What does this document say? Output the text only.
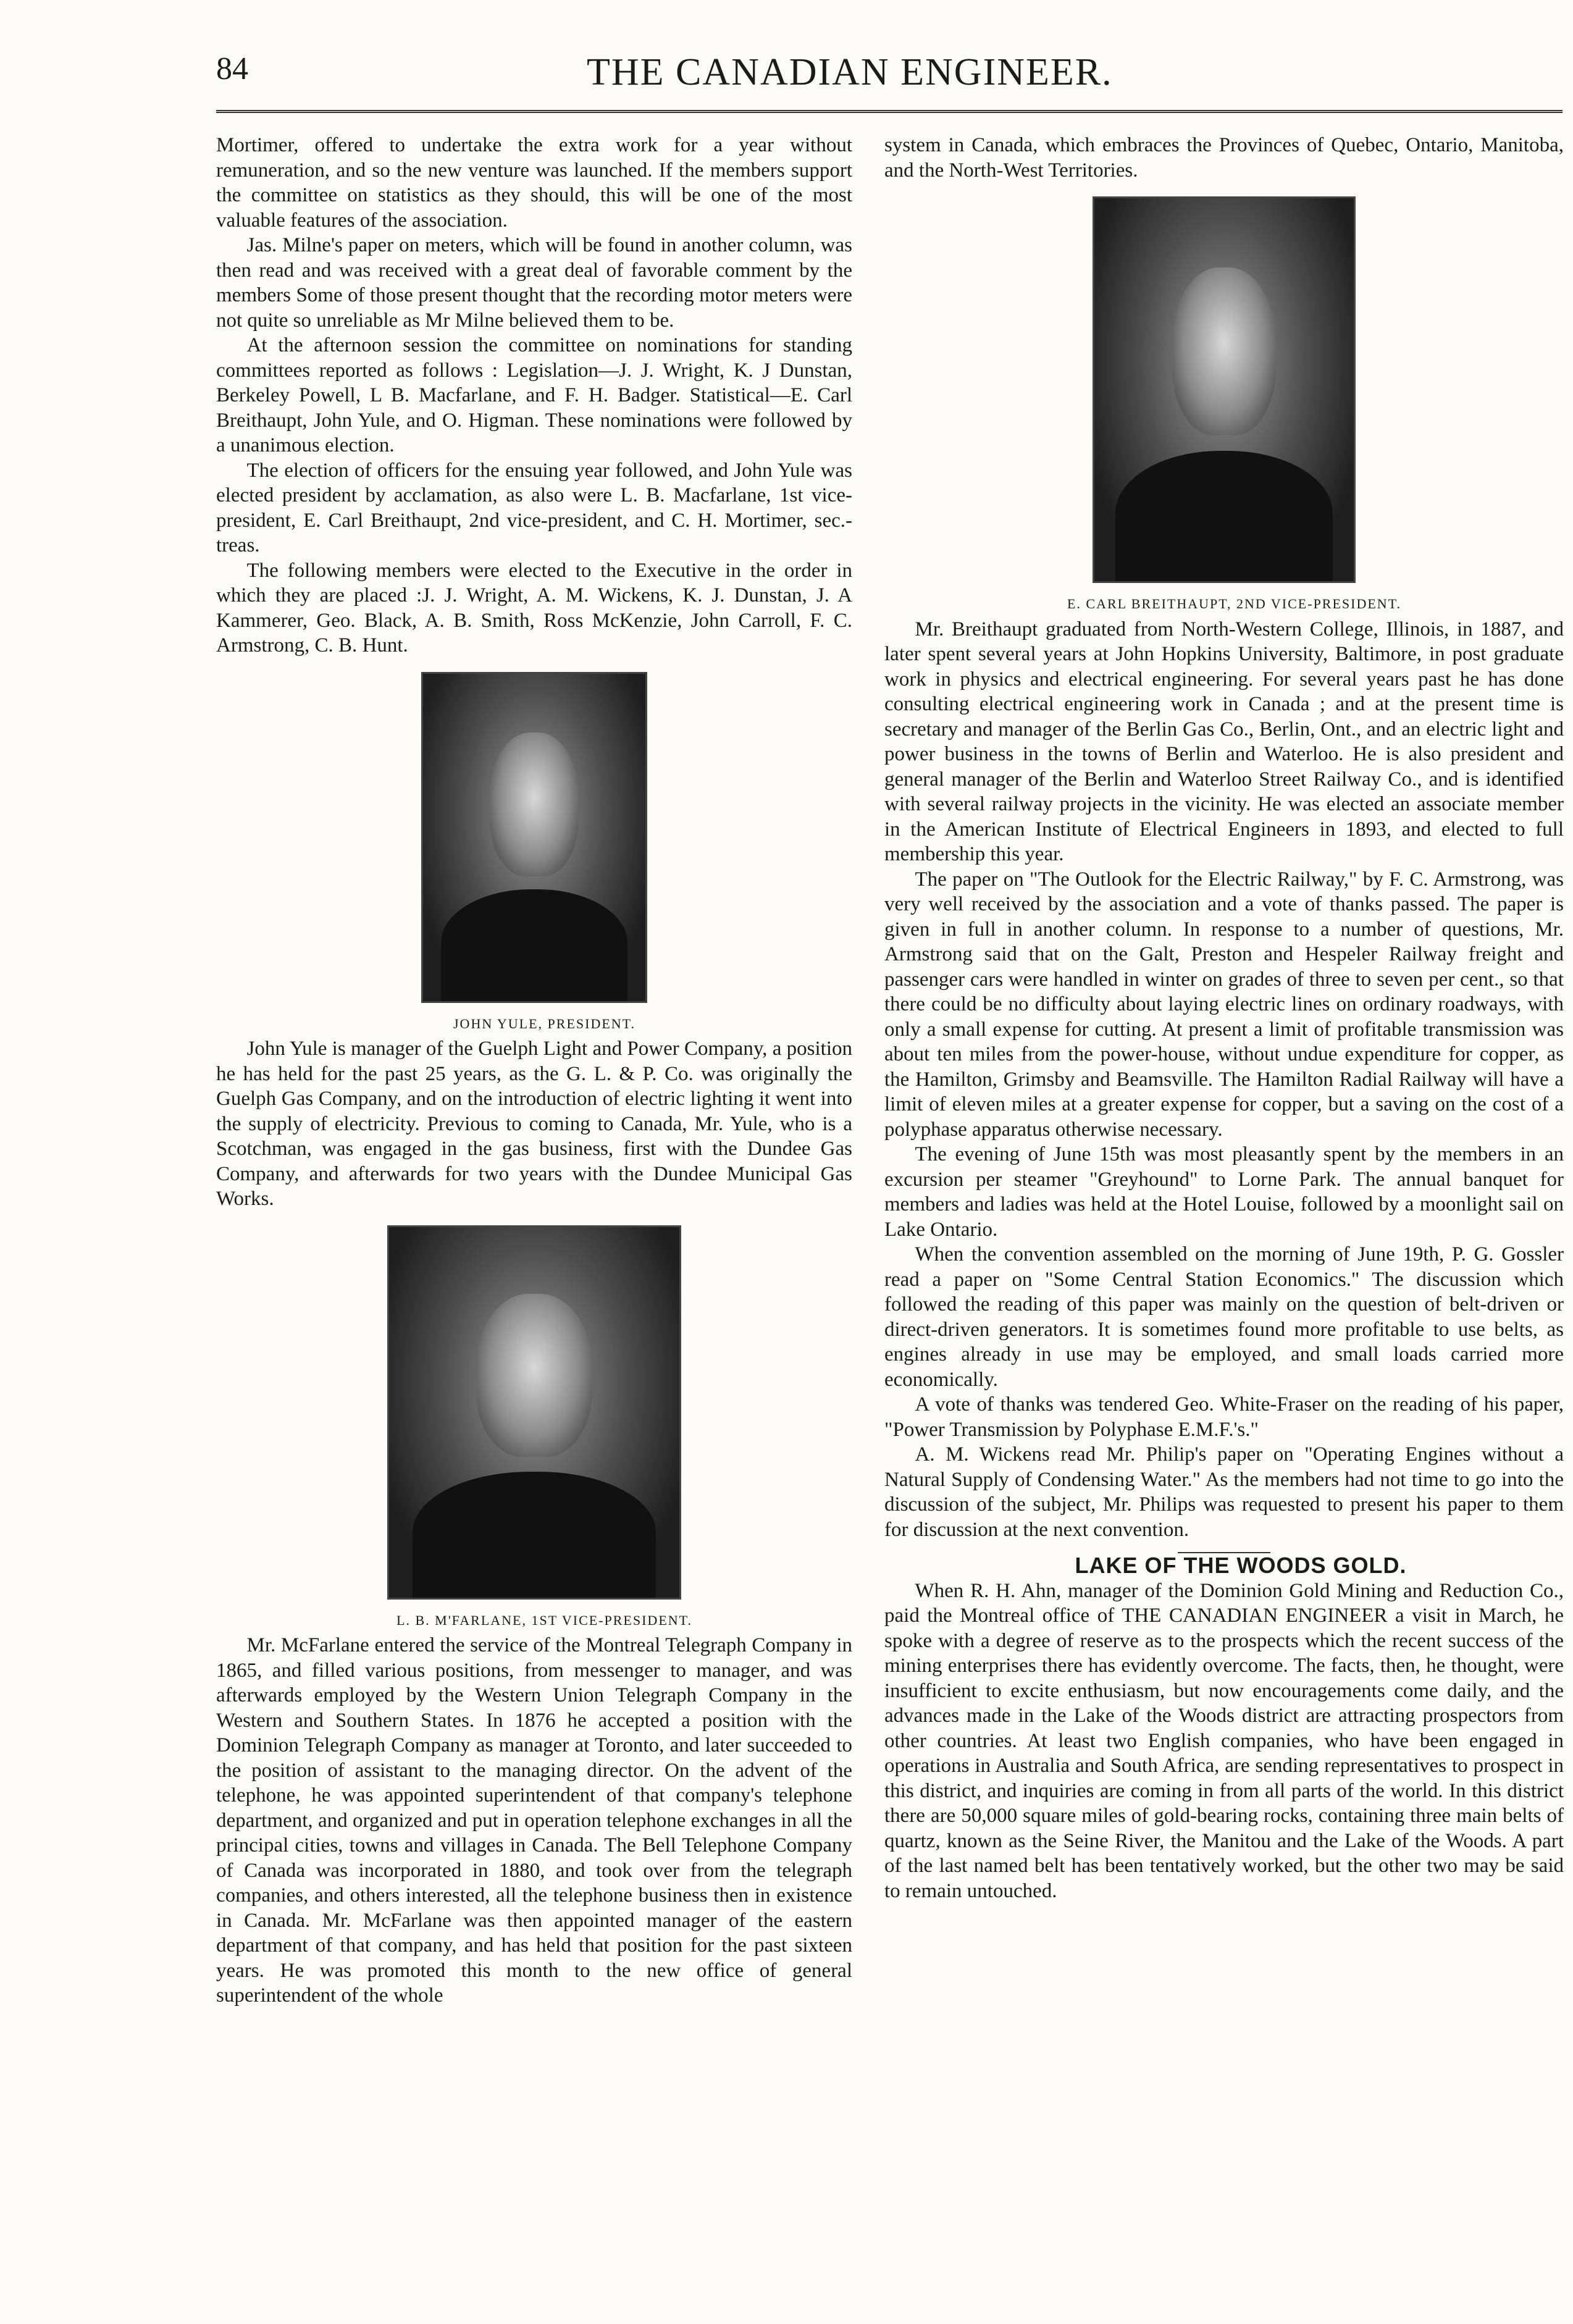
84	THE CANADIAN ENGINEER.

Mortimer, offered to undertake the extra work for a year without remuneration, and so the new venture was launched. If the members support the committee on statistics as they should, this will be one of the most valuable features of the association.

Jas. Milne's paper on meters, which will be found in another column, was then read and was received with a great deal of favorable comment by the members Some of those present thought that the recording motor meters were not quite so unreliable as Mr Milne believed them to be.

At the afternoon session the committee on nominations for standing committees reported as follows : Legislation—J. J. Wright, K. J Dunstan, Berkeley Powell, L B. Macfarlane, and F. H. Badger. Statistical—E. Carl Breithaupt, John Yule, and O. Higman. These nominations were followed by a unanimous election.

The election of officers for the ensuing year followed, and John Yule was elected president by acclamation, as also were L. B. Macfarlane, 1st vice-president, E. Carl Breithaupt, 2nd vice-president, and C. H. Mortimer, sec.-treas.

The following members were elected to the Executive in the order in which they are placed :J. J. Wright, A. M. Wickens, K. J. Dunstan, J. A Kammerer, Geo. Black, A. B. Smith, Ross McKenzie, John Carroll, F. C. Armstrong, C. B. Hunt.

JOHN YULE, PRESIDENT.

John Yule is manager of the Guelph Light and Power Company, a position he has held for the past 25 years, as the G. L. & P. Co. was originally the Guelph Gas Company, and on the introduction of electric lighting it went into the supply of electricity. Previous to coming to Canada, Mr. Yule, who is a Scotchman, was engaged in the gas business, first with the Dundee Gas Company, and afterwards for two years with the Dundee Municipal Gas Works.

L. B. M'FARLANE, 1ST VICE-PRESIDENT.

Mr. McFarlane entered the service of the Montreal Telegraph Company in 1865, and filled various positions, from messenger to manager, and was afterwards employed by the Western Union Telegraph Company in the Western and Southern States. In 1876 he accepted a position with the Dominion Telegraph Company as manager at Toronto, and later succeeded to the position of assistant to the managing director. On the advent of the telephone, he was appointed superintendent of that company's telephone department, and organized and put in operation telephone exchanges in all the principal cities, towns and villages in Canada. The Bell Telephone Company of Canada was incorporated in 1880, and took over from the telegraph companies, and others interested, all the telephone business then in existence in Canada. Mr. McFarlane was then appointed manager of the eastern department of that company, and has held that position for the past sixteen years. He was promoted this month to the new office of general superintendent of the whole

system in Canada, which embraces the Provinces of Quebec, Ontario, Manitoba, and the North-West Territories.

E. CARL BREITHAUPT, 2ND VICE-PRESIDENT.

Mr. Breithaupt graduated from North-Western College, Illinois, in 1887, and later spent several years at John Hopkins University, Baltimore, in post graduate work in physics and electrical engineering. For several years past he has done consulting electrical engineering work in Canada ; and at the present time is secretary and manager of the Berlin Gas Co., Berlin, Ont., and an electric light and power business in the towns of Berlin and Waterloo. He is also president and general manager of the Berlin and Waterloo Street Railway Co., and is identified with several railway projects in the vicinity. He was elected an associate member in the American Institute of Electrical Engineers in 1893, and elected to full membership this year.

The paper on "The Outlook for the Electric Railway," by F. C. Armstrong, was very well received by the association and a vote of thanks passed. The paper is given in full in another column. In response to a number of questions, Mr. Armstrong said that on the Galt, Preston and Hespeler Railway freight and passenger cars were handled in winter on grades of three to seven per cent., so that there could be no difficulty about laying electric lines on ordinary roadways, with only a small expense for cutting. At present a limit of profitable transmission was about ten miles from the power-house, without undue expenditure for copper, as the Hamilton, Grimsby and Beamsville. The Hamilton Radial Railway will have a limit of eleven miles at a greater expense for copper, but a saving on the cost of a polyphase apparatus otherwise necessary.

The evening of June 15th was most pleasantly spent by the members in an excursion per steamer "Greyhound" to Lorne Park. The annual banquet for members and ladies was held at the Hotel Louise, followed by a moonlight sail on Lake Ontario.

When the convention assembled on the morning of June 19th, P. G. Gossler read a paper on "Some Central Station Economics." The discussion which followed the reading of this paper was mainly on the question of belt-driven or direct-driven generators. It is sometimes found more profitable to use belts, as engines already in use may be employed, and small loads carried more economically.

A vote of thanks was tendered Geo. White-Fraser on the reading of his paper, "Power Transmission by Polyphase E.M.F.'s."

A. M. Wickens read Mr. Philip's paper on "Operating Engines without a Natural Supply of Condensing Water." As the members had not time to go into the discussion of the subject, Mr. Philips was requested to present his paper to them for discussion at the next convention.

LAKE OF THE WOODS GOLD.

When R. H. Ahn, manager of the Dominion Gold Mining and Reduction Co., paid the Montreal office of THE CANADIAN ENGINEER a visit in March, he spoke with a degree of reserve as to the prospects which the recent success of the mining enterprises there has evidently overcome. The facts, then, he thought, were insufficient to excite enthusiasm, but now encouragements come daily, and the advances made in the Lake of the Woods district are attracting prospectors from other countries. At least two English companies, who have been engaged in operations in Australia and South Africa, are sending representatives to prospect in this district, and inquiries are coming in from all parts of the world. In this district there are 50,000 square miles of gold-bearing rocks, containing three main belts of quartz, known as the Seine River, the Manitou and the Lake of the Woods. A part of the last named belt has been tentatively worked, but the other two may be said to remain untouched.
